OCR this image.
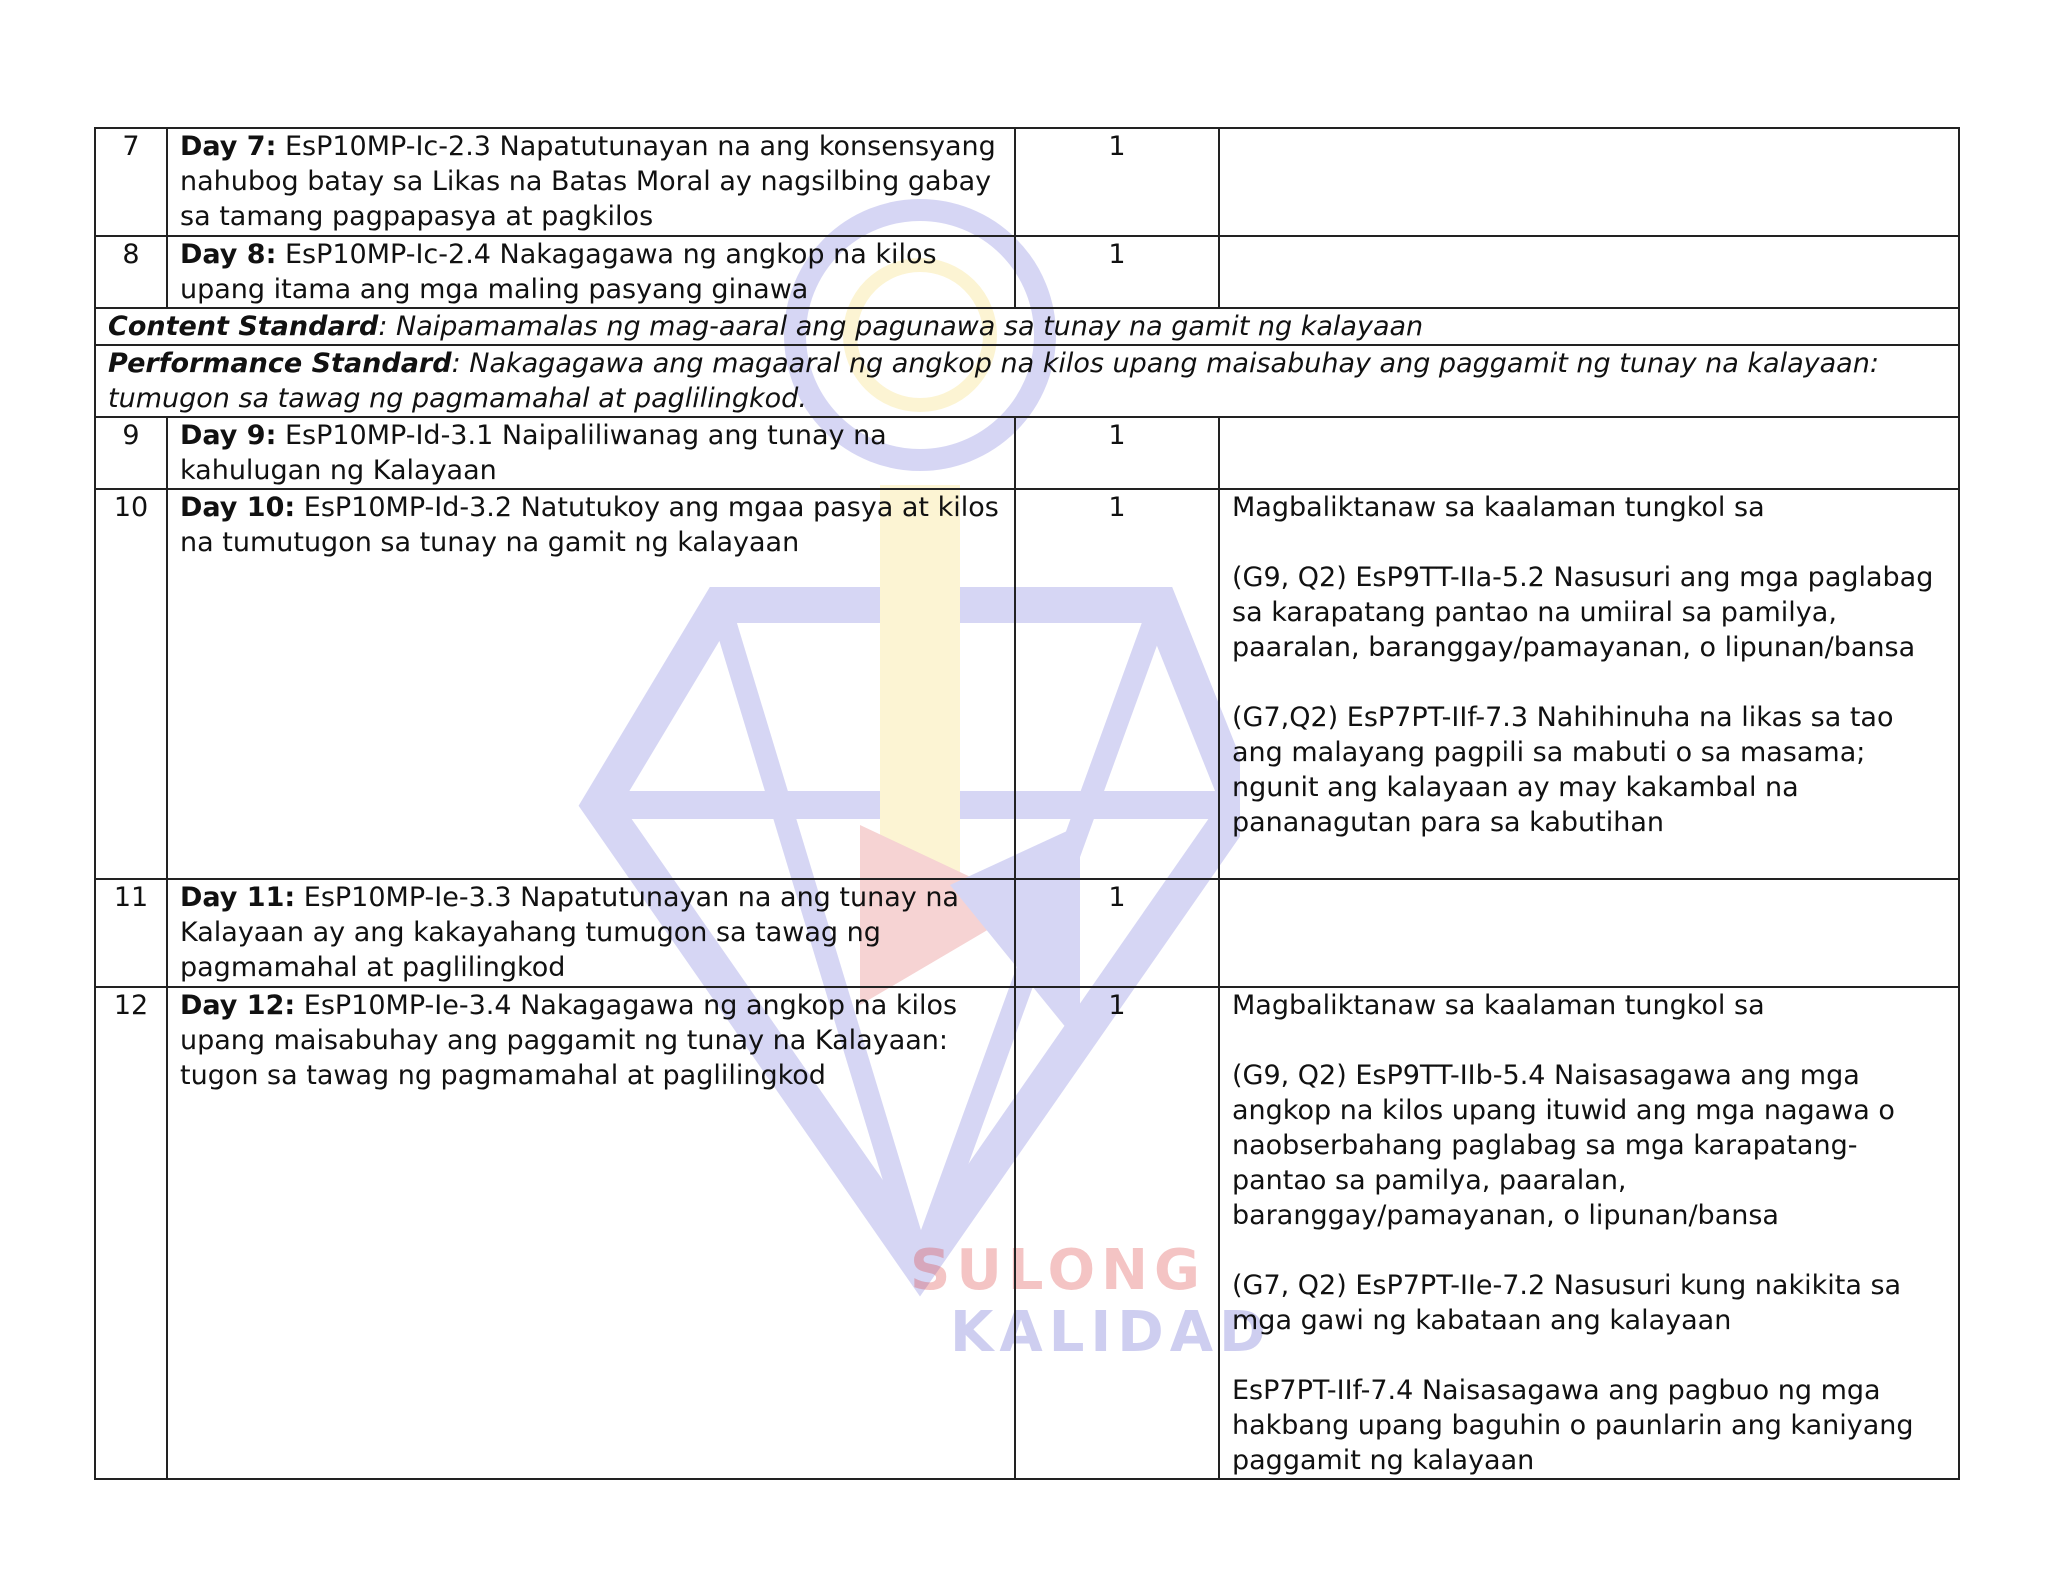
SULONG
KALIDAD
7	Day 7: EsP10MP-Ic-2.3 Napatutunayan na ang konsensyang nahubog batay sa Likas na Batas Moral ay nagsilbing gabay sa tamang pagpapasya at pagkilos	1	
8	Day 8: EsP10MP-Ic-2.4 Nakagagawa ng angkop na kilos upang itama ang mga maling pasyang ginawa	1	
Content Standard: Naipamamalas ng mag-aaral ang pagunawa sa tunay na gamit ng kalayaan			
Performance Standard: Nakagagawa ang magaaral ng angkop na kilos upang maisabuhay ang paggamit ng tunay na kalayaan: tumugon sa tawag ng pagmamahal at paglilingkod.			
9	Day 9: EsP10MP-Id-3.1 Naipaliliwanag ang tunay na kahulugan ng Kalayaan	1	
10	Day 10: EsP10MP-Id-3.2 Natutukoy ang mgaa pasya at kilos na tumutugon sa tunay na gamit ng kalayaan	1	Magbaliktanaw sa kaalaman tungkol sa
(G9, Q2) EsP9TT-IIa-5.2 Nasusuri ang mga paglabag sa karapatang pantao na umiiral sa pamilya, paaralan, baranggay/pamayanan, o lipunan/bansa
(G7,Q2) EsP7PT-IIf-7.3 Nahihinuha na likas sa tao ang malayang pagpili sa mabuti o sa masama; ngunit ang kalayaan ay may kakambal na pananagutan para sa kabutihan

11	Day 11: EsP10MP-Ie-3.3 Napatutunayan na ang tunay na Kalayaan ay ang kakayahang tumugon sa tawag ng pagmamahal at paglilingkod	1	
12	Day 12: EsP10MP-Ie-3.4 Nakagagawa ng angkop na kilos upang maisabuhay ang paggamit ng tunay na Kalayaan: tugon sa tawag ng pagmamahal at paglilingkod	1	Magbaliktanaw sa kaalaman tungkol sa
(G9, Q2) EsP9TT-IIb-5.4 Naisasagawa ang mga angkop na kilos upang ituwid ang mga nagawa o naobserbahang paglabag sa mga karapatang-pantao sa pamilya, paaralan, baranggay/pamayanan, o lipunan/bansa
(G7, Q2) EsP7PT-IIe-7.2 Nasusuri kung nakikita sa mga gawi ng kabataan ang kalayaan
EsP7PT-IIf-7.4 Naisasagawa ang pagbuo ng mga hakbang upang baguhin o paunlarin ang kaniyang paggamit ng kalayaan
